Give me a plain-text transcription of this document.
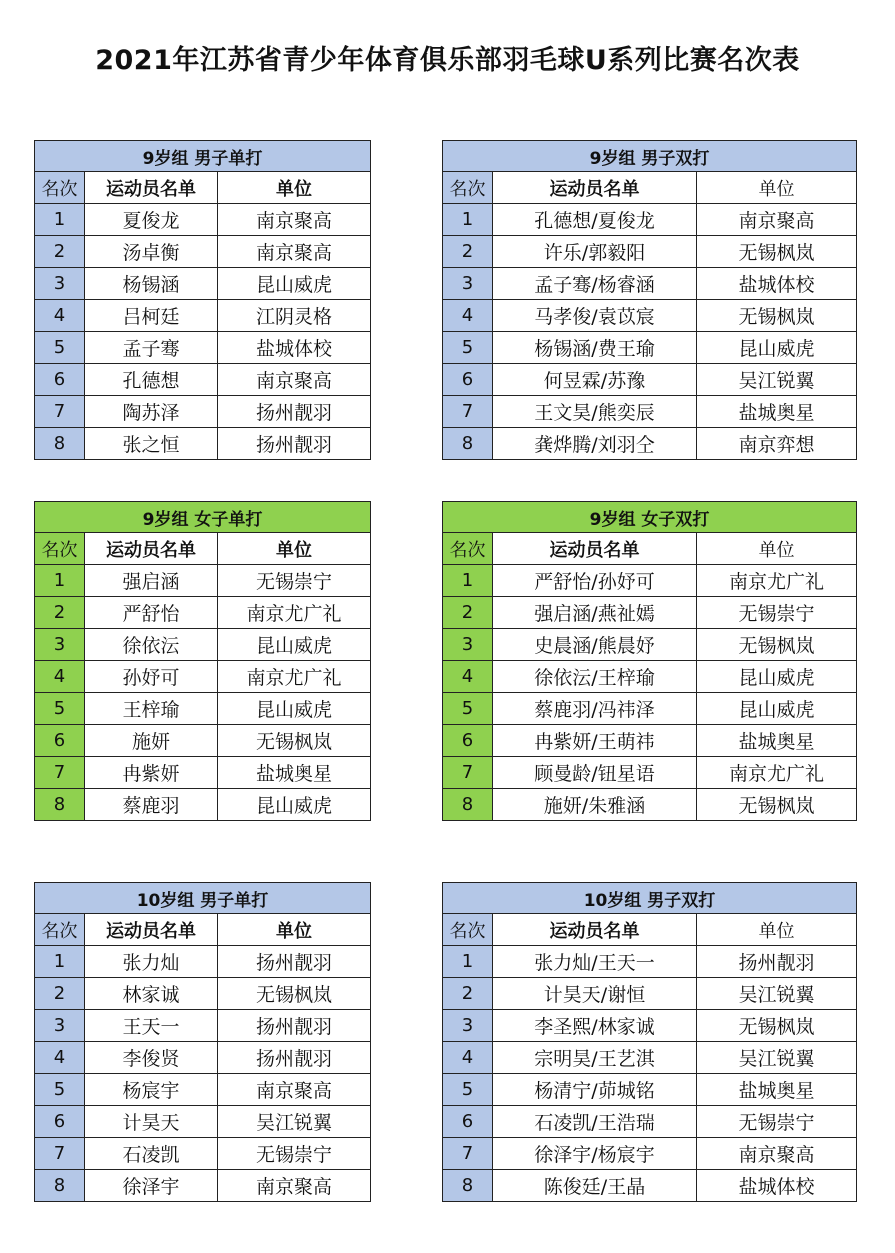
2021年江苏省青少年体育俱乐部羽毛球U系列比赛名次表
9岁组 男子单打		
名次	运动员名单	单位
1	夏俊龙	南京聚高
2	汤卓衡	南京聚高
3	杨锡涵	昆山威虎
4	吕柯廷	江阴灵格
5	孟子骞	盐城体校
6	孔德想	南京聚高
7	陶苏泽	扬州靓羽
8	张之恒	扬州靓羽
9岁组 男子双打		
名次	运动员名单	单位
1	孔德想/夏俊龙	南京聚高
2	许乐/郭毅阳	无锡枫岚
3	孟子骞/杨睿涵	盐城体校
4	马孝俊/袁苡宸	无锡枫岚
5	杨锡涵/费王瑜	昆山威虎
6	何昱霖/苏豫	吴江锐翼
7	王文昊/熊奕辰	盐城奥星
8	龚烨腾/刘羽仝	南京弈想
9岁组 女子单打		
名次	运动员名单	单位
1	强启涵	无锡崇宁
2	严舒怡	南京尤广礼
3	徐依沄	昆山威虎
4	孙妤可	南京尤广礼
5	王梓瑜	昆山威虎
6	施妍	无锡枫岚
7	冉紫妍	盐城奥星
8	蔡鹿羽	昆山威虎
9岁组 女子双打		
名次	运动员名单	单位
1	严舒怡/孙妤可	南京尤广礼
2	强启涵/燕祉嫣	无锡崇宁
3	史晨涵/熊晨妤	无锡枫岚
4	徐依沄/王梓瑜	昆山威虎
5	蔡鹿羽/冯祎泽	昆山威虎
6	冉紫妍/王萌祎	盐城奥星
7	顾曼龄/钮星语	南京尤广礼
8	施妍/朱雅涵	无锡枫岚
10岁组 男子单打		
名次	运动员名单	单位
1	张力灿	扬州靓羽
2	林家诚	无锡枫岚
3	王天一	扬州靓羽
4	李俊贤	扬州靓羽
5	杨宸宇	南京聚高
6	计昊天	吴江锐翼
7	石凌凯	无锡崇宁
8	徐泽宇	南京聚高
10岁组 男子双打		
名次	运动员名单	单位
1	张力灿/王天一	扬州靓羽
2	计昊天/谢恒	吴江锐翼
3	李圣熙/林家诚	无锡枫岚
4	宗明昊/王艺淇	吴江锐翼
5	杨清宁/茆城铭	盐城奥星
6	石凌凯/王浩瑞	无锡崇宁
7	徐泽宇/杨宸宇	南京聚高
8	陈俊廷/王晶	盐城体校
